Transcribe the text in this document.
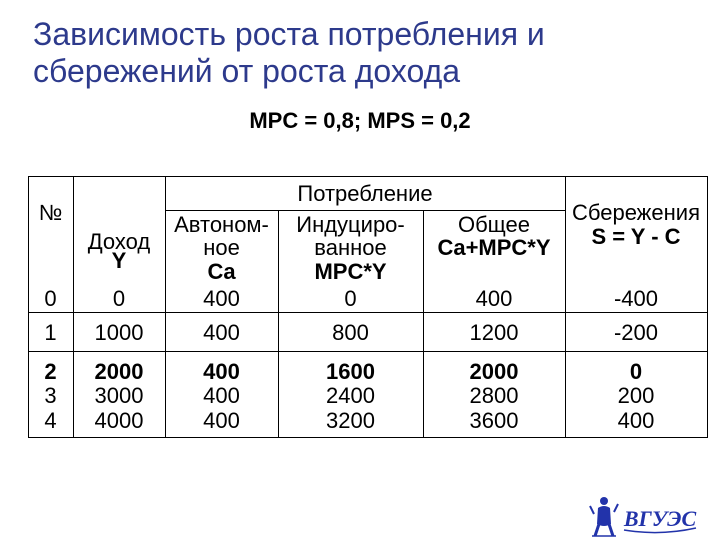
Зависимость роста потребления и сбережений от роста дохода
MPC = 0,8; MPS = 0,2
№
Доход
Y
Потребление
Автоном-
ное
Ca
Индуциро-
ванное
MPC*Y
Общее
Ca+MPC*Y
Сбережения
S = Y - C
0	0	400	0	400	-400
1	1000	400	800	1200	-200
2	2000	400	1600	2000	0
3	3000	400	2400	2800	200
4	4000	400	3200	3600	400
ВГУЭС
